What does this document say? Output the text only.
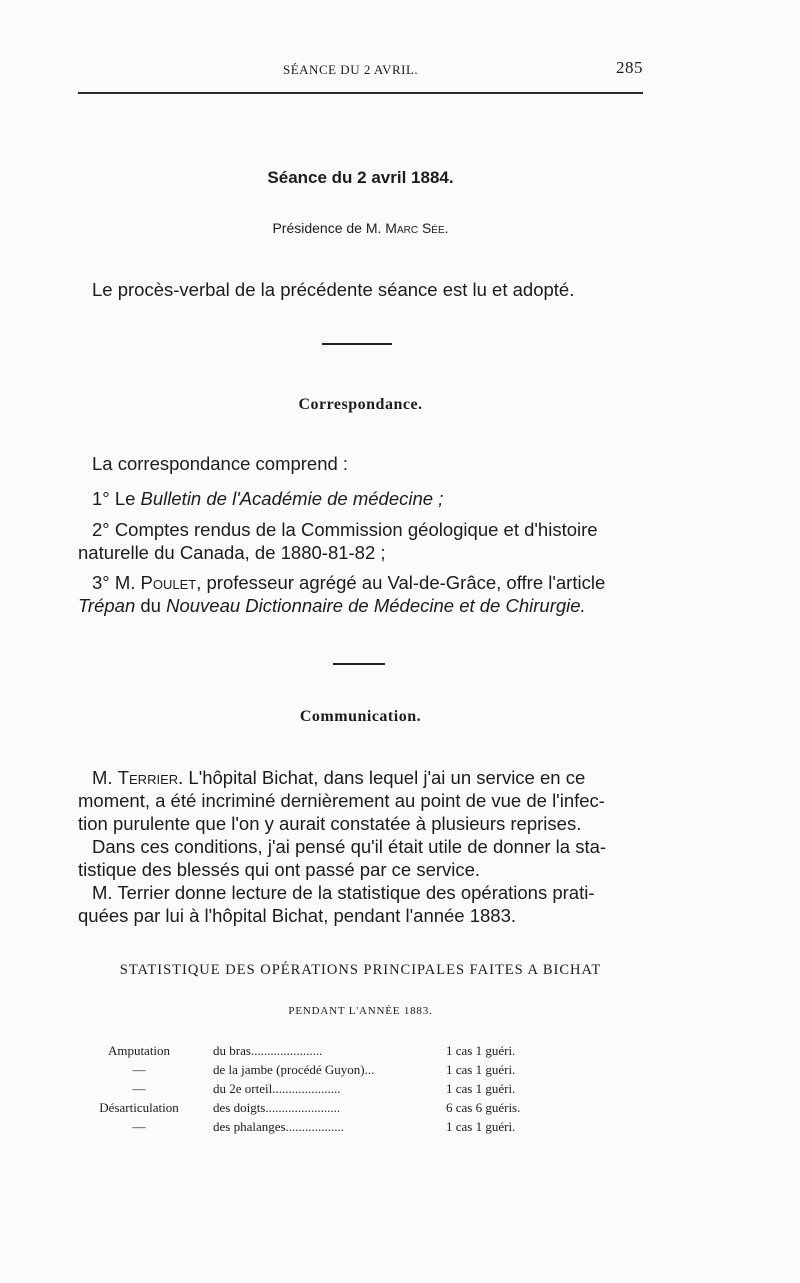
SÉANCE DU 2 AVRIL.	285
Séance du 2 avril 1884.
Présidence de M. Marc Sée.
Le procès-verbal de la précédente séance est lu et adopté.
Correspondance.
La correspondance comprend :
1° Le Bulletin de l'Académie de médecine ;
2° Comptes rendus de la Commission géologique et d'histoire
naturelle du Canada, de 1880-81-82 ;
3° M. Poulet, professeur agrégé au Val-de-Grâce, offre l'article
Trépan du Nouveau Dictionnaire de Médecine et de Chirurgie.
Communication.
M. Terrier. L'hôpital Bichat, dans lequel j'ai un service en ce
moment, a été incriminé dernièrement au point de vue de l'infec-
tion purulente que l'on y aurait constatée à plusieurs reprises.
Dans ces conditions, j'ai pensé qu'il était utile de donner la sta-
tistique des blessés qui ont passé par ce service.
M. Terrier donne lecture de la statistique des opérations prati-
quées par lui à l'hôpital Bichat, pendant l'année 1883.
STATISTIQUE DES OPÉRATIONS PRINCIPALES FAITES A BICHAT
PENDANT L'ANNÉE 1883.
Amputation	du bras......................	1 cas 1 guéri.
—	de la jambe (procédé Guyon)...	1 cas 1 guéri.
—	du 2e orteil.....................	1 cas 1 guéri.
Désarticulation	des doigts.......................	6 cas 6 guéris.
—	des phalanges..................	1 cas 1 guéri.
